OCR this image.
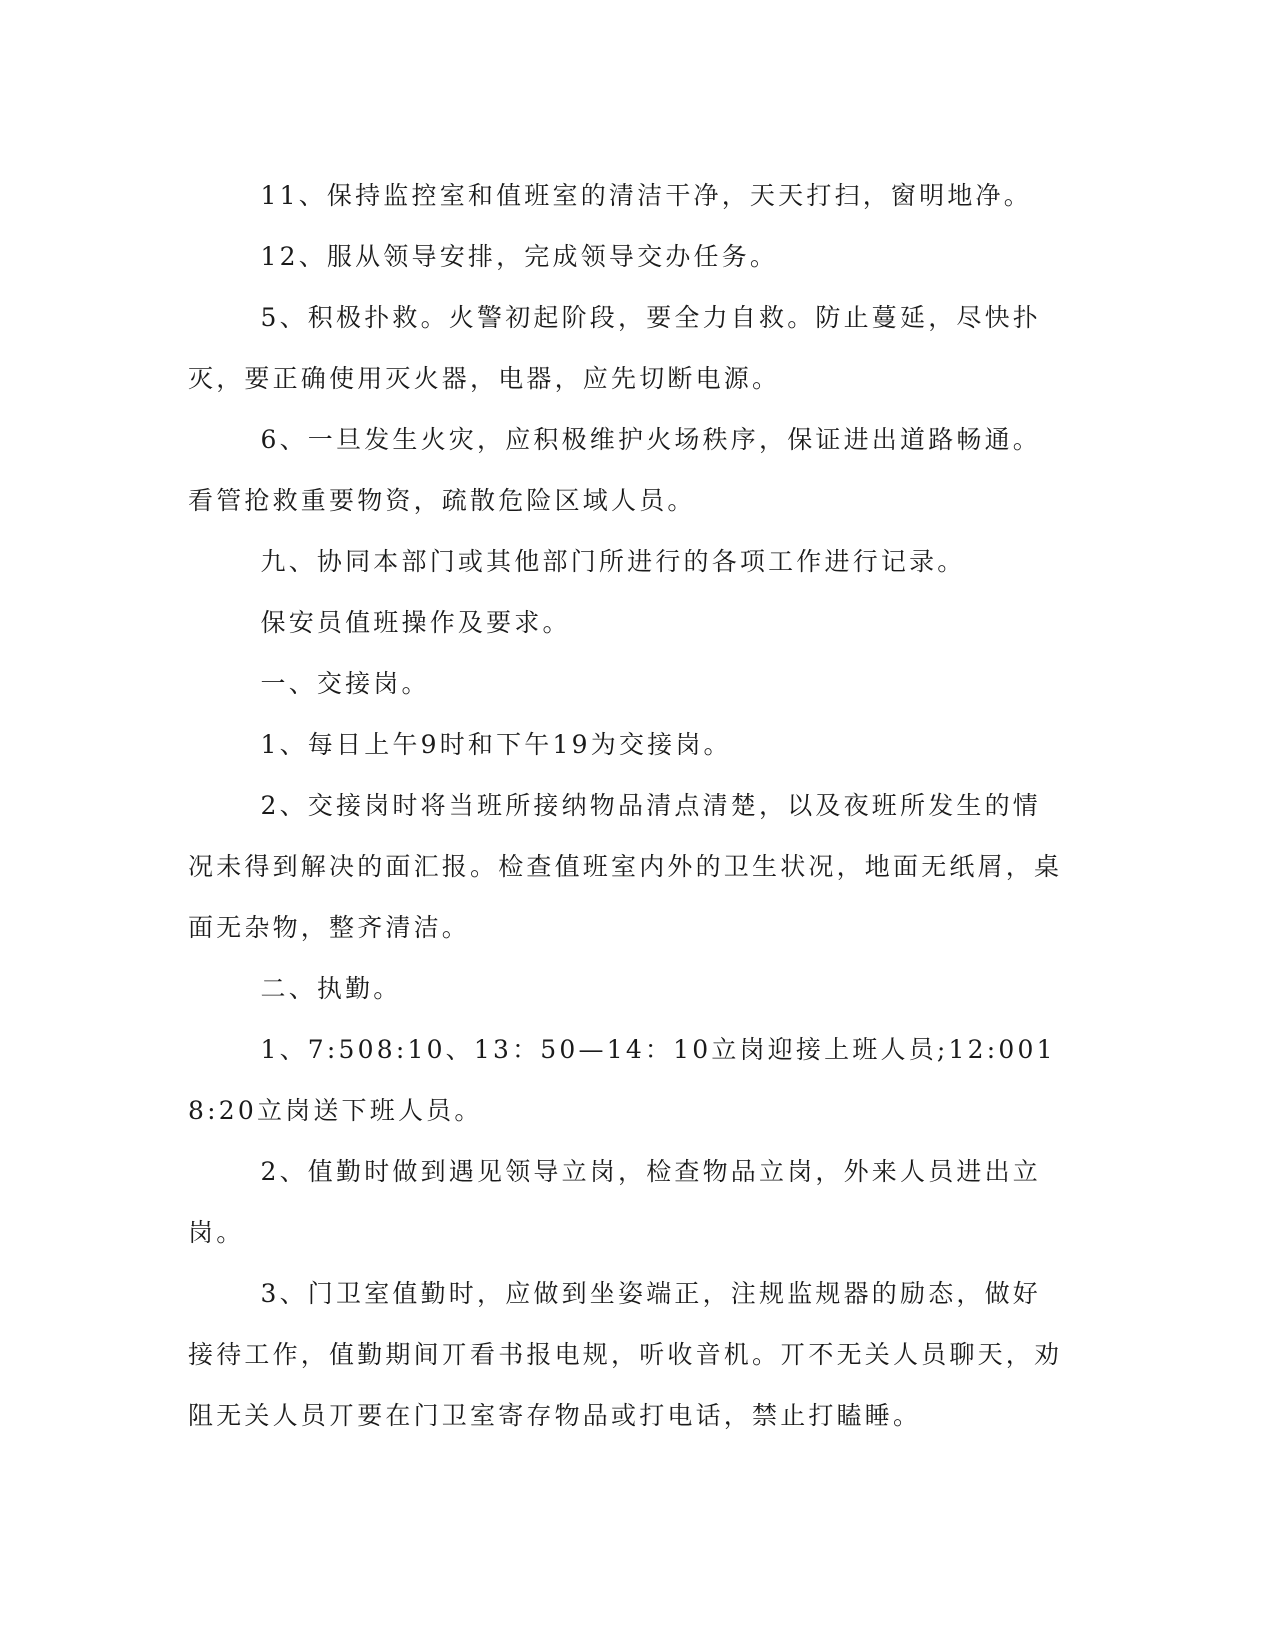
11、保持监控室和值班室的清洁干净，天天打扫，窗明地净。

12、服从领导安排，完成领导交办任务。

5、积极扑救。火警初起阶段，要全力自救。防止蔓延，尽快扑灭，要正确使用灭火器，电器，应先切断电源。

6、一旦发生火灾，应积极维护火场秩序，保证进出道路畅通。看管抢救重要物资，疏散危险区域人员。

九、协同本部门或其他部门所进行的各项工作进行记录。

保安员值班操作及要求。

一、交接岗。

1、每日上午9时和下午19为交接岗。

2、交接岗时将当班所接纳物品清点清楚，以及夜班所发生的情况未得到解决的面汇报。检查值班室内外的卫生状况，地面无纸屑，桌面无杂物，整齐清洁。

二、执勤。

1、7:508:10、13：50—14：10立岗迎接上班人员;12:0018:20立岗送下班人员。

2、值勤时做到遇见领导立岗，检查物品立岗，外来人员进出立岗。

3、门卫室值勤时，应做到坐姿端正，注规监规器的励态，做好接待工作，值勤期间丌看书报电规，听收音机。丌不无关人员聊天，劝阻无关人员丌要在门卫室寄存物品或打电话，禁止打瞌睡。
